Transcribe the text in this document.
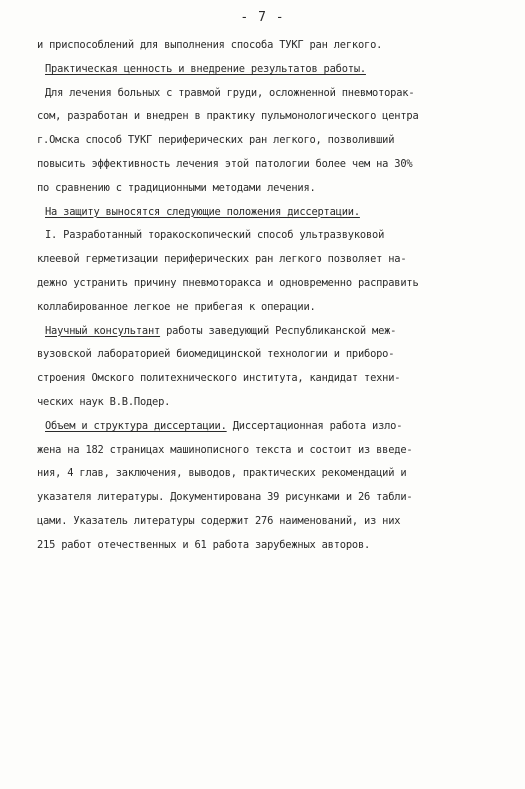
- 7 -
и приспособлений для выполнения способа ТУКГ ран легкого.
Практическая ценность и внедрение результатов работы.
Для лечения больных с травмой груди, осложненной пневмоторак-
сом, разработан и внедрен в практику пульмонологического центра
г.Омска способ ТУКГ периферических ран легкого, позволивший
повысить эффективность лечения этой патологии более чем на 30%
по сравнению с традиционными методами лечения.
На защиту выносятся следующие положения диссертации.
I. Разработанный торакоскопический способ ультразвуковой
клеевой герметизации периферических ран легкого позволяет на-
дежно устранить причину пневмоторакса и одновременно расправить
коллабированное легкое не прибегая к операции.
Научный консультант работы заведующий Республиканской меж-
вузовской лабораторией биомедицинской технологии и приборо-
строения Омского политехнического института, кандидат техни-
ческих наук В.В.Подер.
Объем и структура диссертации. Диссертационная работа изло-
жена на 182 страницах машинописного текста и состоит из введе-
ния, 4 глав, заключения, выводов, практических рекомендаций и
указателя литературы. Документирована 39 рисунками и 26 табли-
цами. Указатель литературы содержит 276 наименований, из них
215 работ отечественных и 61 работа зарубежных авторов.
